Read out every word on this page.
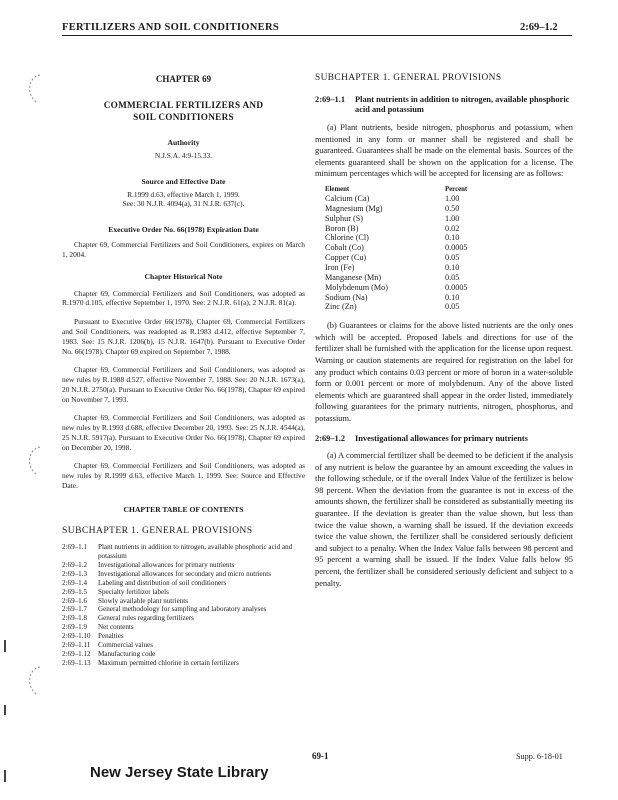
FERTILIZERS AND SOIL CONDITIONERS	2:69–1.2
CHAPTER 69
COMMERCIAL FERTILIZERS AND
SOIL CONDITIONERS
Authority
N.J.S.A. 4:9-15.33.
Source and Effective Date
R.1999 d.63, effective March 1, 1999.
See: 30 N.J.R. 4094(a), 31 N.J.R. 637(c).
Executive Order No. 66(1978) Expiration Date
Chapter 69, Commercial Fertilizers and Soil Conditioners, expires on March 1, 2004.
Chapter Historical Note
Chapter 69, Commercial Fertilizers and Soil Conditioners, was adopted as R.1970 d.105, effective September 1, 1970. See: 2 N.J.R. 61(a), 2 N.J.R. 81(a).
Pursuant to Executive Order 66(1978), Chapter 69, Commercial Fertilizers and Soil Conditioners, was readopted as R.1983 d.412, effective September 7, 1983. See: 15 N.J.R. 1206(b), 15 N.J.R. 1647(b). Pursuant to Executive Order No. 66(1978), Chapter 69 expired on September 7, 1988.
Chapter 69, Commercial Fertilizers and Soil Conditioners, was adopted as new rules by R.1988 d.527, effective November 7, 1988. See: 20 N.J.R. 1673(a), 20 N.J.R. 2750(a). Pursuant to Executive Order No. 66(1978), Chapter 69 expired on November 7, 1993.
Chapter 69, Commercial Fertilizers and Soil Conditioners, was adopted as new rules by R.1993 d.688, effective December 20, 1993. See: 25 N.J.R. 4544(a), 25 N.J.R. 5917(a). Pursuant to Executive Order No. 66(1978), Chapter 69 expired on December 20, 1998.
Chapter 69, Commercial Fertilizers and Soil Conditioners, was adopted as new rules by R.1999 d.63, effective March 1, 1999. See: Source and Effective Date.
CHAPTER TABLE OF CONTENTS
SUBCHAPTER 1. GENERAL PROVISIONS
2:69–1.1	Plant nutrients in addition to nitrogen, available phosphoric acid and potassium
2:69–1.2	Investigational allowances for primary nutrients
2:69–1.3	Investigational allowances for secondary and micro nutrients
2:69–1.4	Labeling and distribution of soil conditioners
2:69–1.5	Specialty fertilizer labels
2:69–1.6	Slowly available plant nutrients
2:69–1.7	General methodology for sampling and laboratory analyses
2:69–1.8	General rules regarding fertilizers
2:69–1.9	Net contents
2:69–1.10	Penalties
2:69–1.11	Commercial values
2:69–1.12	Manufacturing code
2:69–1.13	Maximum permitted chlorine in certain fertilizers
SUBCHAPTER 1. GENERAL PROVISIONS
2:69–1.1	Plant nutrients in addition to nitrogen, available phosphoric acid and potassium
(a) Plant nutrients, beside nitrogen, phosphorus and potassium, when mentioned in any form or manner shall be registered and shall be guaranteed. Guarantees shall be made on the elemental basis. Sources of the elements guaranteed shall be shown on the application for a license. The minimum percentages which will be accepted for licensing are as follows:
Element	Percent
Calcium (Ca)	1.00
Magnesium (Mg)	0.50
Sulphur (S)	1.00
Boron (B)	0.02
Chlorine (Cl)	0.10
Cobalt (Co)	0.0005
Copper (Cu)	0.05
Iron (Fe)	0.10
Manganese (Mn)	0.05
Molybdenum (Mo)	0.0005
Sodium (Na)	0.10
Zinc (Zn)	0.05
(b) Guarantees or claims for the above listed nutrients are the only ones which will be accepted. Proposed labels and directions for use of the fertilizer shall be furnished with the application for the license upon request. Warning or caution statements are required for registration on the label for any product which contains 0.03 percent or more of boron in a water-soluble form or 0.001 percent or more of molybdenum. Any of the above listed elements which are guaranteed shall appear in the order listed, immediately following guarantees for the primary nutrients, nitrogen, phosphorus, and potassium.
2:69–1.2	Investigational allowances for primary nutrients
(a) A commercial fertilizer shall be deemed to be deficient if the analysis of any nutrient is below the guarantee by an amount exceeding the values in the following schedule, or if the overall Index Value of the fertilizer is below 98 percent. When the deviation from the guarantee is not in excess of the amounts shown, the fertilizer shall be considered as substantially meeting its guarantee. If the deviation is greater than the value shown, but less than twice the value shown, a warning shall be issued. If the deviation exceeds twice the value shown, the fertilizer shall be considered seriously deficient and subject to a penalty. When the Index Value falls between 98 percent and 95 percent a warning shall be issued. If the Index Value falls below 95 percent, the fertilizer shall be considered seriously deficient and subject to a penalty.
69-1	Supp. 6-18-01
New Jersey State Library
